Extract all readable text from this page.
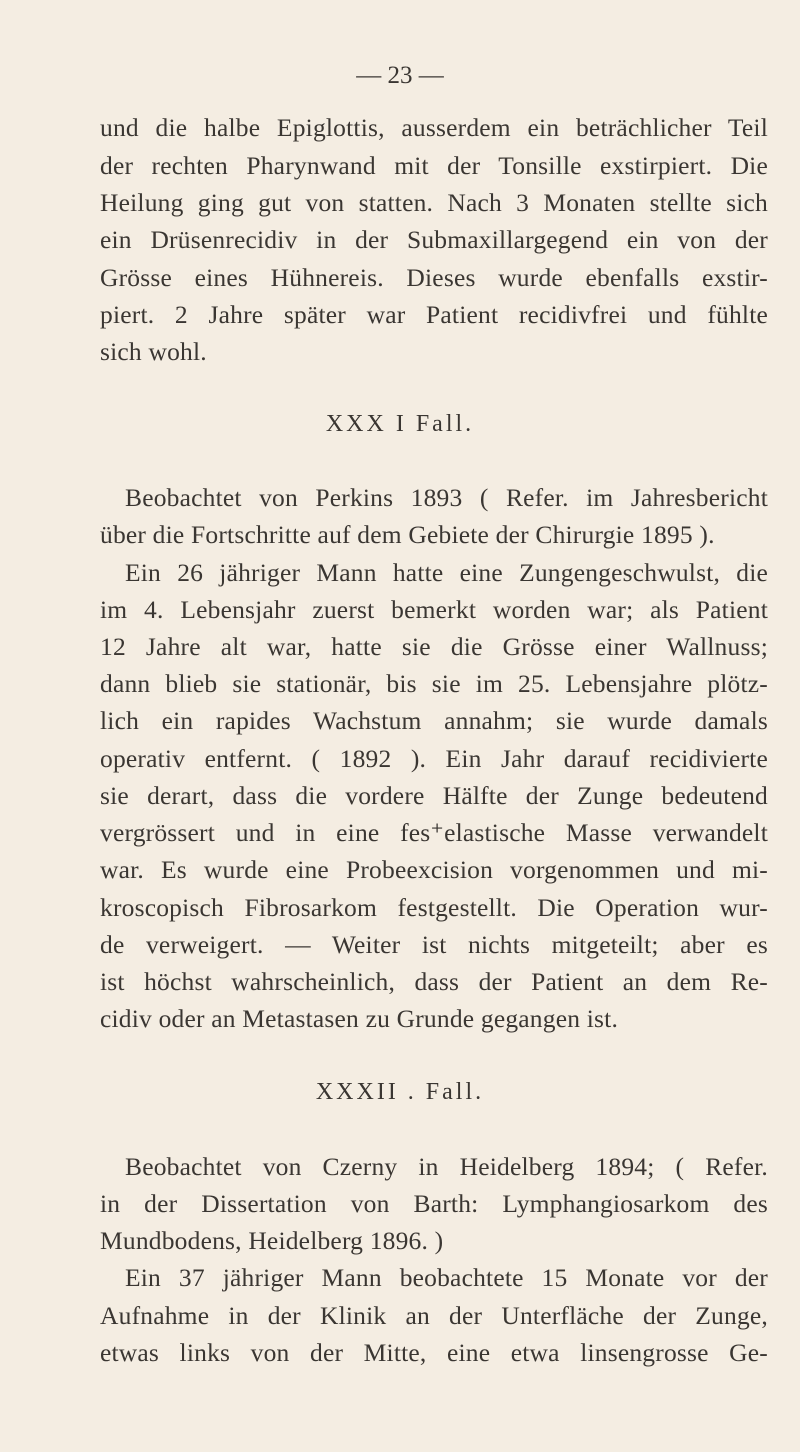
— 23 —
und die halbe Epiglottis, ausserdem ein beträchlicher Teil
der rechten Pharynwand mit der Tonsille exstirpiert. Die
Heilung ging gut von statten. Nach 3 Monaten stellte sich
ein Drüsenrecidiv in der Submaxillargegend ein von der
Grösse eines Hühnereis. Dieses wurde ebenfalls exstir-
piert. 2 Jahre später war Patient recidivfrei und fühlte
sich wohl.
XXX I Fall.
Beobachtet von Perkins 1893 ( Refer. im Jahresbericht
über die Fortschritte auf dem Gebiete der Chirurgie 1895 ).
Ein 26 jähriger Mann hatte eine Zungengeschwulst, die
im 4. Lebensjahr zuerst bemerkt worden war; als Patient
12 Jahre alt war, hatte sie die Grösse einer Wallnuss;
dann blieb sie stationär, bis sie im 25. Lebensjahre plötz-
lich ein rapides Wachstum annahm; sie wurde damals
operativ entfernt. ( 1892 ). Ein Jahr darauf recidivierte
sie derart, dass die vordere Hälfte der Zunge bedeutend
vergrössert und in eine fes⁺elastische Masse verwandelt
war. Es wurde eine Probeexcision vorgenommen und mi-
kroscopisch Fibrosarkom festgestellt. Die Operation wur-
de verweigert. — Weiter ist nichts mitgeteilt; aber es
ist höchst wahrscheinlich, dass der Patient an dem Re-
cidiv oder an Metastasen zu Grunde gegangen ist.
XXXII . Fall.
Beobachtet von Czerny in Heidelberg 1894; ( Refer.
in der Dissertation von Barth: Lymphangiosarkom des
Mundbodens, Heidelberg 1896. )
Ein 37 jähriger Mann beobachtete 15 Monate vor der
Aufnahme in der Klinik an der Unterfläche der Zunge,
etwas links von der Mitte, eine etwa linsengrosse Ge-
